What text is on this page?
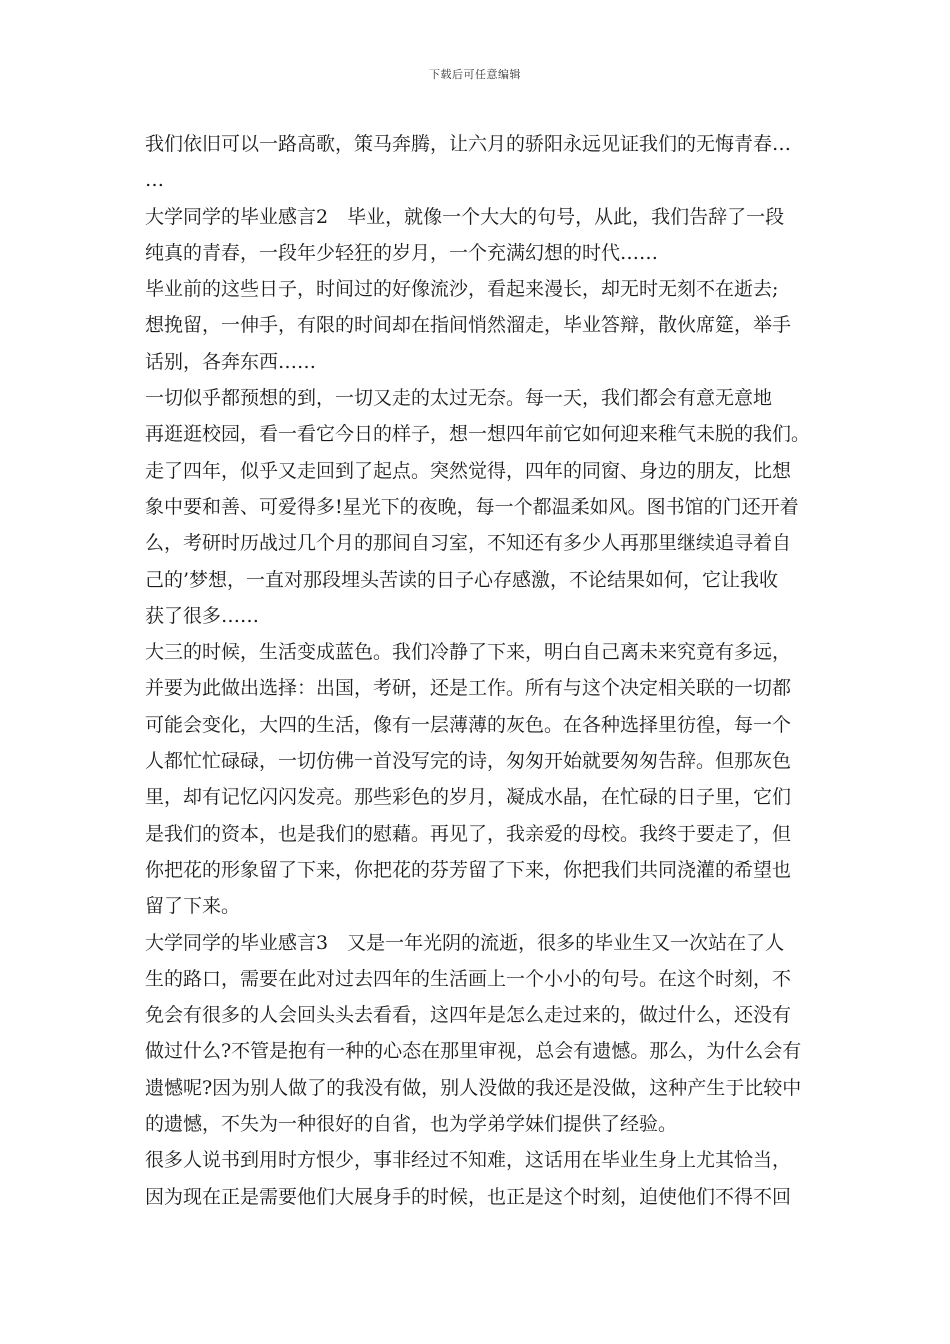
下载后可任意编辑
我们依旧可以一路高歌，策马奔腾，让六月的骄阳永远见证我们的无悔青春…
…
大学同学的毕业感言2　毕业，就像一个大大的句号，从此，我们告辞了一段
纯真的青春，一段年少轻狂的岁月，一个充满幻想的时代……
毕业前的这些日子，时间过的好像流沙，看起来漫长，却无时无刻不在逝去;
想挽留，一伸手，有限的时间却在指间悄然溜走，毕业答辩，散伙席筵，举手
话别，各奔东西……
一切似乎都预想的到，一切又走的太过无奈。每一天，我们都会有意无意地
再逛逛校园，看一看它今日的样子，想一想四年前它如何迎来稚气未脱的我们。
走了四年，似乎又走回到了起点。突然觉得，四年的同窗、身边的朋友，比想
象中要和善、可爱得多!星光下的夜晚，每一个都温柔如风。图书馆的门还开着
么，考研时历战过几个月的那间自习室，不知还有多少人再那里继续追寻着自
己的’梦想，一直对那段埋头苦读的日子心存感激，不论结果如何，它让我收
获了很多……
大三的时候，生活变成蓝色。我们冷静了下来，明白自己离未来究竟有多远，
并要为此做出选择：出国，考研，还是工作。所有与这个决定相关联的一切都
可能会变化，大四的生活，像有一层薄薄的灰色。在各种选择里彷徨，每一个
人都忙忙碌碌，一切仿佛一首没写完的诗，匆匆开始就要匆匆告辞。但那灰色
里，却有记忆闪闪发亮。那些彩色的岁月，凝成水晶，在忙碌的日子里，它们
是我们的资本，也是我们的慰藉。再见了，我亲爱的母校。我终于要走了，但
你把花的形象留了下来，你把花的芬芳留了下来，你把我们共同浇灌的希望也
留了下来。
大学同学的毕业感言3　又是一年光阴的流逝，很多的毕业生又一次站在了人
生的路口，需要在此对过去四年的生活画上一个小小的句号。在这个时刻，不
免会有很多的人会回头头去看看，这四年是怎么走过来的，做过什么，还没有
做过什么?不管是抱有一种的心态在那里审视，总会有遗憾。那么，为什么会有
遗憾呢?因为别人做了的我没有做，别人没做的我还是没做，这种产生于比较中
的遗憾，不失为一种很好的自省，也为学弟学妹们提供了经验。
很多人说书到用时方恨少，事非经过不知难，这话用在毕业生身上尤其恰当，
因为现在正是需要他们大展身手的时候，也正是这个时刻，迫使他们不得不回
